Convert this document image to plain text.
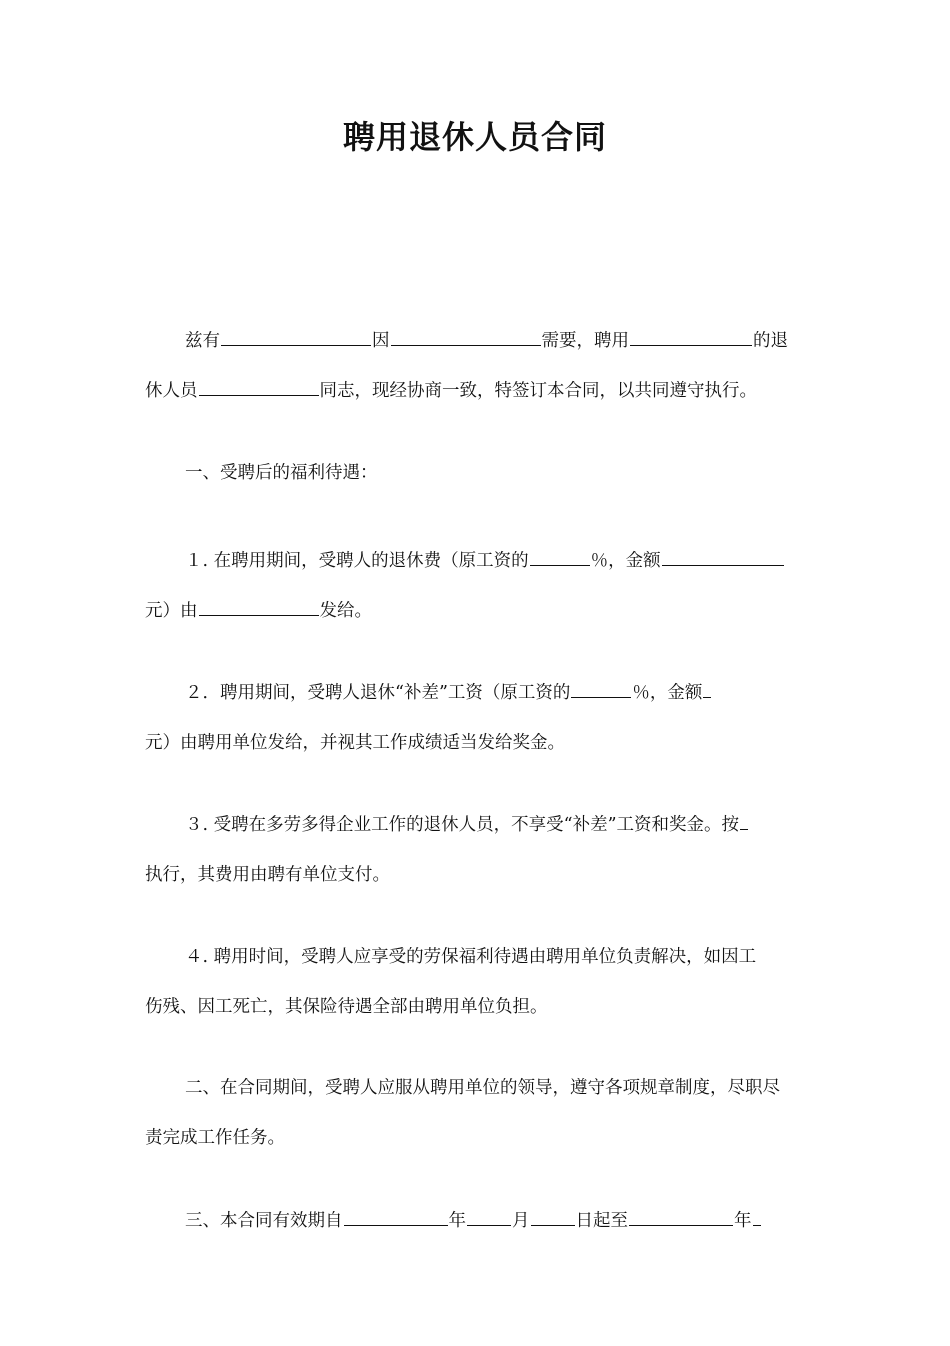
聘用退休人员合同
兹有	因	需要，聘用	的退
休人员	同志，现经协商一致，特签订本合同，以共同遵守执行。
一、受聘后的福利待遇：
１. 在聘用期间，受聘人的退休费（原工资的	％，金额
元）由	发给。
２．聘用期间，受聘人退休“补差”工资（原工资的	％，金额
元）由聘用单位发给，并视其工作成绩适当发给奖金。
３. 受聘在多劳多得企业工作的退休人员，不享受“补差”工资和奖金。按
执行，其费用由聘有单位支付。
４. 聘用时间，受聘人应享受的劳保福利待遇由聘用单位负责解决，如因工
伤残、因工死亡，其保险待遇全部由聘用单位负担。
二、在合同期间，受聘人应服从聘用单位的领导，遵守各项规章制度，尽职尽
责完成工作任务。
三、本合同有效期自	年	月	日起至	年
